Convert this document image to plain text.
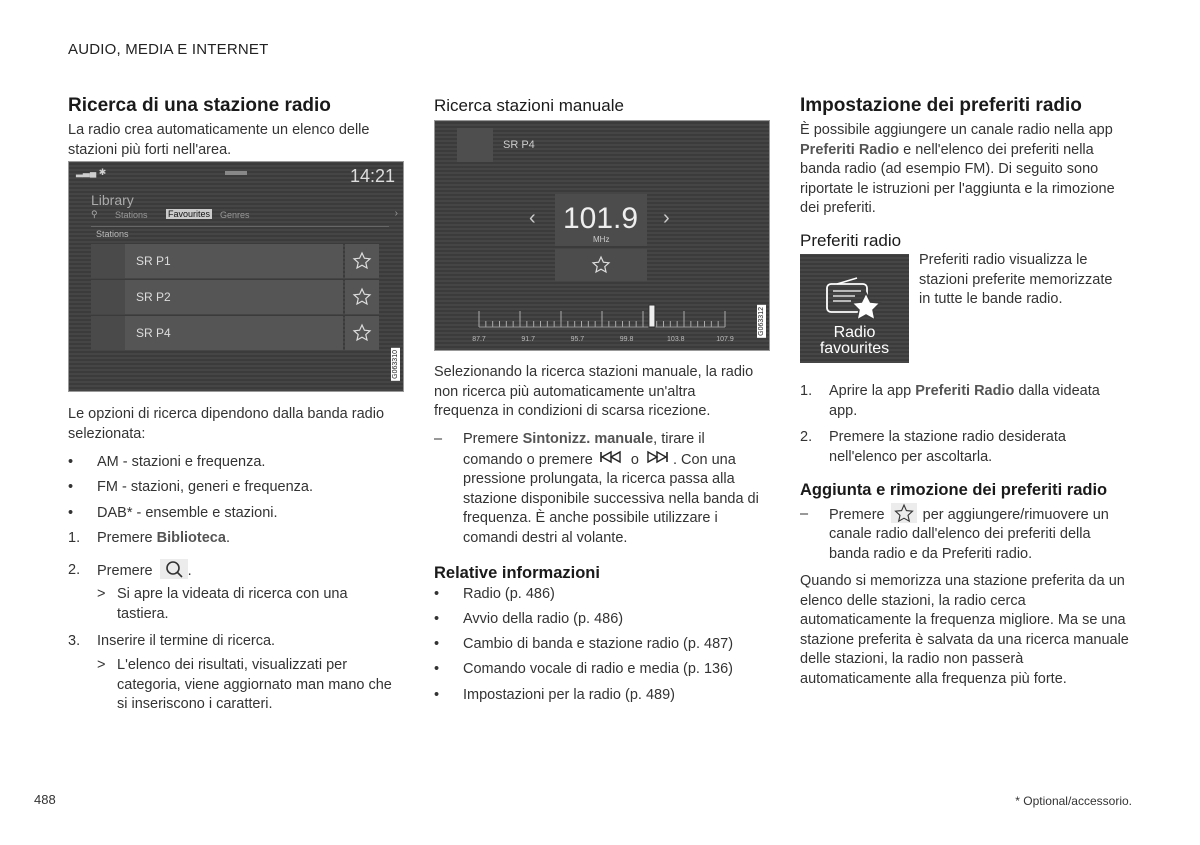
AUDIO, MEDIA E INTERNET
Ricerca di una stazione radio

La radio crea automaticamente un elenco delle stazioni più forti nell'area.

▂▃▄ ✱	14:21
Library
⚲ Stations Favourites Genres	›
Stations
SR P1
SR P2
SR P4
G063310

Le opzioni di ricerca dipendono dalla banda radio selezionata:

• AM - stazioni e frequenza.
• FM - stazioni, generi e frequenza.
• DAB* - ensemble e stazioni.
1. Premere Biblioteca.
2. Premere .
> Si apre la videata di ricerca con una tastiera.
3. Inserire il termine di ricerca.
> L'elenco dei risultati, visualizzati per categoria, viene aggiornato man mano che si inseriscono i caratteri.
Ricerca stazioni manuale
SR P4
‹ 101.9
MHz
›
87.7	91.7	95.7	99.8	103.8	107.9
G063312

Selezionando la ricerca stazioni manuale, la radio non ricerca più automaticamente un'altra frequenza in condizioni di scarsa ricezione.

– Premere Sintonizz. manuale, tirare il comando o premere	o . Con una pressione prolungata, la ricerca passa alla stazione disponibile successiva nella banda di frequenza. È anche possibile utilizzare i comandi destri al volante.
Relative informazioni
• Radio (p. 486)
• Avvio della radio (p. 486)
• Cambio di banda e stazione radio (p. 487)
• Comando vocale di radio e media (p. 136)
• Impostazioni per la radio (p. 489)
Impostazione dei preferiti radio

È possibile aggiungere un canale radio nella app Preferiti Radio e nell'elenco dei preferiti nella banda radio (ad esempio FM). Di seguito sono riportate le istruzioni per l'aggiunta e la rimozione dei preferiti.

Preferiti radio
Radio
favourites

Preferiti radio visualizza le stazioni preferite memorizzate in tutte le bande radio.

1. Aprire la app Preferiti Radio dalla videata app.
2. Premere la stazione radio desiderata nell'elenco per ascoltarla.
Aggiunta e rimozione dei preferiti radio
– Premere	per aggiungere/rimuovere un canale radio dall'elenco dei preferiti della banda radio e da Preferiti radio.

Quando si memorizza una stazione preferita da un elenco delle stazioni, la radio cerca automaticamente la frequenza migliore. Ma se una stazione preferita è salvata da una ricerca manuale delle stazioni, la radio non passerà automaticamente alla frequenza più forte.

488	* Optional/accessorio.
